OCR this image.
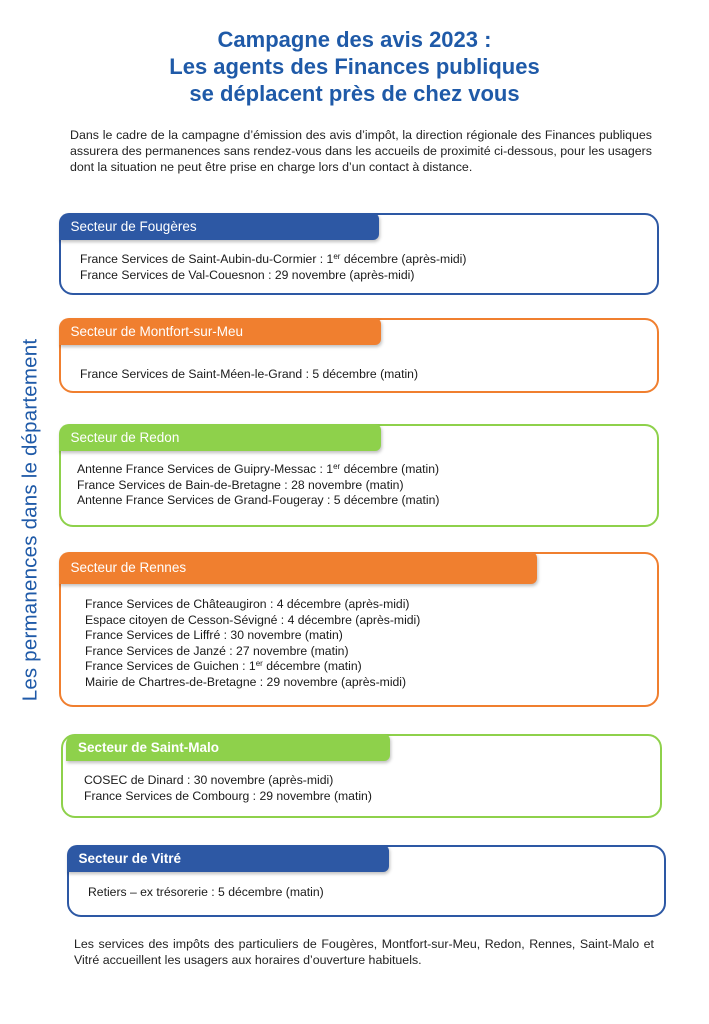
Campagne des avis 2023 :
Les agents des Finances publiques
se déplacent près de chez vous
Dans le cadre de la campagne d’émission des avis d’impôt, la direction régionale des Finances publiques assurera des permanences sans rendez-vous dans les accueils de proximité ci-dessous, pour les usagers dont la situation ne peut être prise en charge lors d’un contact à distance.
Les permanences dans le département
Secteur de Fougères
France Services de Saint-Aubin-du-Cormier : 1er décembre (après-midi)
France Services de Val-Couesnon : 29 novembre (après-midi)
Secteur de Montfort-sur-Meu
France Services de Saint-Méen-le-Grand : 5 décembre (matin)
Secteur de Redon
Antenne France Services de Guipry-Messac : 1er décembre (matin)
France Services de Bain-de-Bretagne : 28 novembre (matin)
Antenne France Services de Grand-Fougeray : 5 décembre (matin)
Secteur de Rennes
France Services de Châteaugiron : 4 décembre (après-midi)
Espace citoyen de Cesson-Sévigné : 4 décembre (après-midi)
France Services de Liffré : 30 novembre (matin)
France Services de Janzé : 27 novembre (matin)
France Services de Guichen : 1er décembre (matin)
Mairie de Chartres-de-Bretagne : 29 novembre (après-midi)
Secteur de Saint-Malo
COSEC de Dinard : 30 novembre (après-midi)
France Services de Combourg : 29 novembre (matin)
Secteur de Vitré
Retiers – ex trésorerie : 5 décembre (matin)
Les services des impôts des particuliers de Fougères, Montfort-sur-Meu, Redon, Rennes, Saint-Malo et Vitré accueillent les usagers aux horaires d’ouverture habituels.
